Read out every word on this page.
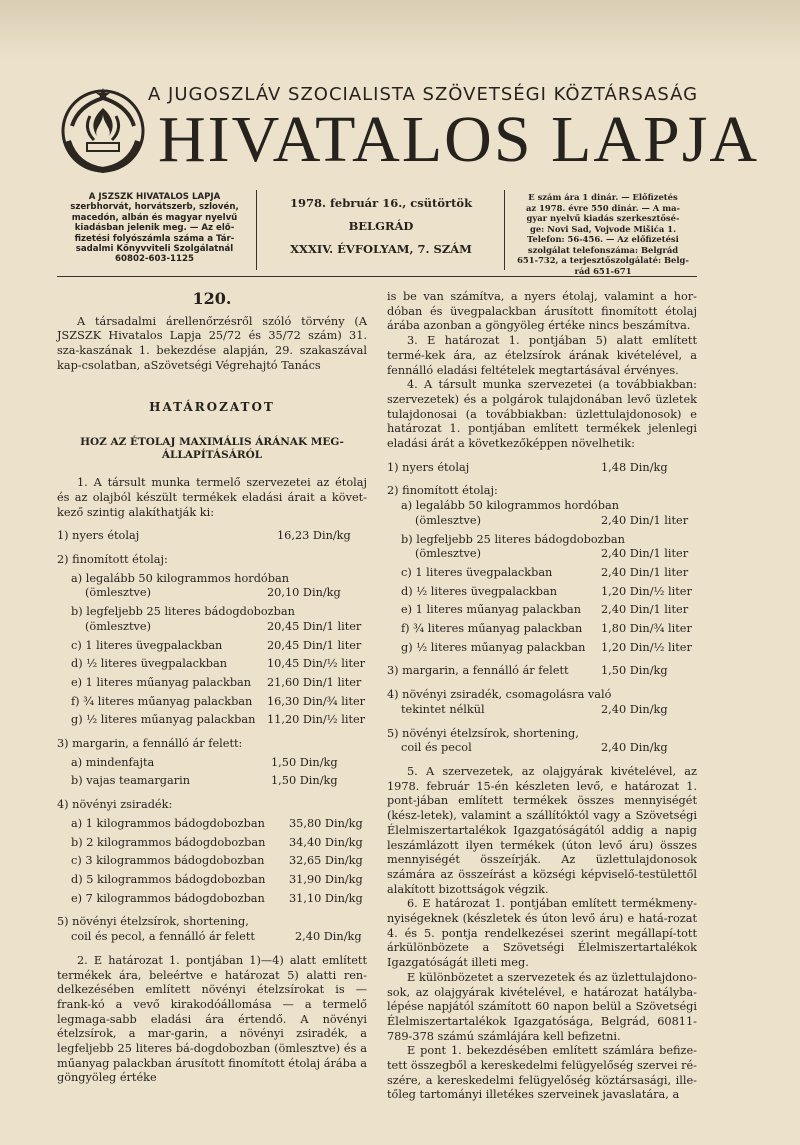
A JUGOSZLÁV SZOCIALISTA SZÖVETSÉGI KÖZTÁRSASÁG
HIVATALOS LAPJA
A JSZSZK HIVATALOS LAPJA
szerbhorvát, horvátszerb, szlovén,
macedón, albán és magyar nyelvű
kiadásban jelenik meg. — Az elő-
fizetési folyószámla száma a Tár-
sadalmi Könyvviteli Szolgálatnál
60802-603-1125
1978. február 16., csütörtök
BELGRÁD
XXXIV. ÉVFOLYAM, 7. SZÁM
E szám ára 1 dinár. — Előfizetés
az 1978. évre 550 dinár. — A ma-
gyar nyelvű kiadás szerkesztősé-
ge: Novi Sad, Vojvode Mišića 1.
Telefon: 56-456. — Az előfizetési
szolgálat telefonszáma: Belgrád
651-732, a terjesztőszolgálaté: Belg-
rád 651-671
120.

A társadalmi árellenőrzésről szóló törvény (A JSZSZK Hivatalos Lapja 25/72 és 35/72 szám) 31. sza-kaszának 1. bekezdése alapján, 29. szakaszával kap-csolatban, aSzövetségi Végrehajtó Tanács

HATÁROZATOT
HOZ AZ ÉTOLAJ MAXIMÁLIS ÁRÁNAK MEG-ÁLLAPÍTÁSÁRÓL

1. A társult munka termelő szervezetei az étolaj és az olajból készült termékek eladási árait a követ-kező szintig alakíthatják ki:

1) nyers étolaj	16,23 Din/kg
2) finomított étolaj:
a) legalább 50 kilogrammos hordóban
(ömlesztve)	20,10 Din/kg
b) legfeljebb 25 literes bádogdobozban
(ömlesztve)	20,45 Din/1 liter
c) 1 literes üvegpalackban	20,45 Din/1 liter
d) ½ literes üvegpalackban	10,45 Din/½ liter
e) 1 literes műanyag palackban	21,60 Din/1 liter
f) ¾ literes műanyag palackban	16,30 Din/¾ liter
g) ½ literes műanyag palackban	11,20 Din/½ liter
3) margarin, a fennálló ár felett:
a) mindenfajta	1,50 Din/kg
b) vajas teamargarin	1,50 Din/kg
4) növényi zsiradék:
a) 1 kilogrammos bádogdobozban	35,80 Din/kg
b) 2 kilogrammos bádogdobozban	34,40 Din/kg
c) 3 kilogrammos bádogdobozban	32,65 Din/kg
d) 5 kilogrammos bádogdobozban	31,90 Din/kg
e) 7 kilogrammos bádogdobozban	31,10 Din/kg
5) növényi ételzsírok, shortening,
coil és pecol, a fennálló ár felett	2,40 Din/kg

2. E határozat 1. pontjában 1)—4) alatt említett termékek ára, beleértve e határozat 5) alatti ren-delkezésében említett növényi ételzsírokat is — frank-kó a vevő kirakodóállomása — a termelő legmaga-sabb eladási ára értendő. A növényi ételzsírok, a mar-garin, a növényi zsiradék, a legfeljebb 25 literes bá-dogdobozban (ömlesztve) és a műanyag palackban árusított finomított étolaj árába a göngyöleg értéke

is be van számítva, a nyers étolaj, valamint a hor-dóban és üvegpalackban árusított finomított étolaj árába azonban a göngyöleg értéke nincs beszámítva.

3. E határozat 1. pontjában 5) alatt említett termé-kek ára, az ételzsírok árának kivételével, a fennálló eladási feltételek megtartásával érvényes.

4. A társult munka szervezetei (a továbbiakban: szervezetek) és a polgárok tulajdonában levő üzletek tulajdonosai (a továbbiakban: üzlettulajdonosok) e határozat 1. pontjában említett termékek jelenlegi eladási árát a következőképpen növelhetik:

1) nyers étolaj	1,48 Din/kg
2) finomított étolaj:
a) legalább 50 kilogrammos hordóban
(ömlesztve)	2,40 Din/1 liter
b) legfeljebb 25 literes bádogdobozban
(ömlesztve)	2,40 Din/1 liter
c) 1 literes üvegpalackban	2,40 Din/1 liter
d) ½ literes üvegpalackban	1,20 Din/½ liter
e) 1 literes műanyag palackban	2,40 Din/1 liter
f) ¾ literes műanyag palackban	1,80 Din/¾ liter
g) ½ literes műanyag palackban	1,20 Din/½ liter
3) margarin, a fennálló ár felett	1,50 Din/kg
4) növényi zsiradék, csomagolásra való
tekintet nélkül	2,40 Din/kg
5) növényi ételzsírok, shortening,
coil és pecol	2,40 Din/kg

5. A szervezetek, az olajgyárak kivételével, az 1978. február 15-én készleten levő, e határozat 1. pont-jában említett termékek összes mennyiségét (kész-letek), valamint a szállítóktól vagy a Szövetségi Élelmiszertartalékok Igazgatóságától addig a napig leszámlázott ilyen termékek (úton levő áru) összes mennyiségét összeírják. Az üzlettulajdonosok számára az összeírást a községi képviselő-testülettől alakított bizottságok végzik.

6. E határozat 1. pontjában említett termékmeny-nyiségeknek (készletek és úton levő áru) e hatá-rozat 4. és 5. pontja rendelkezései szerint megállapí-tott árkülönbözete a Szövetségi Élelmiszertartalékok Igazgatóságát illeti meg.

E különbözetet a szervezetek és az üzlettulajdono-sok, az olajgyárak kivételével, e határozat hatályba-lépése napjától számított 60 napon belül a Szövetségi Élelmiszertartalékok Igazgatósága, Belgrád, 60811-789-378 számú számlájára kell befizetni.

E pont 1. bekezdésében említett számlára befize-tett összegből a kereskedelmi felügyelőség szervei ré-szére, a kereskedelmi felügyelőség köztársasági, ille-tőleg tartományi illetékes szerveinek javaslatára, a
